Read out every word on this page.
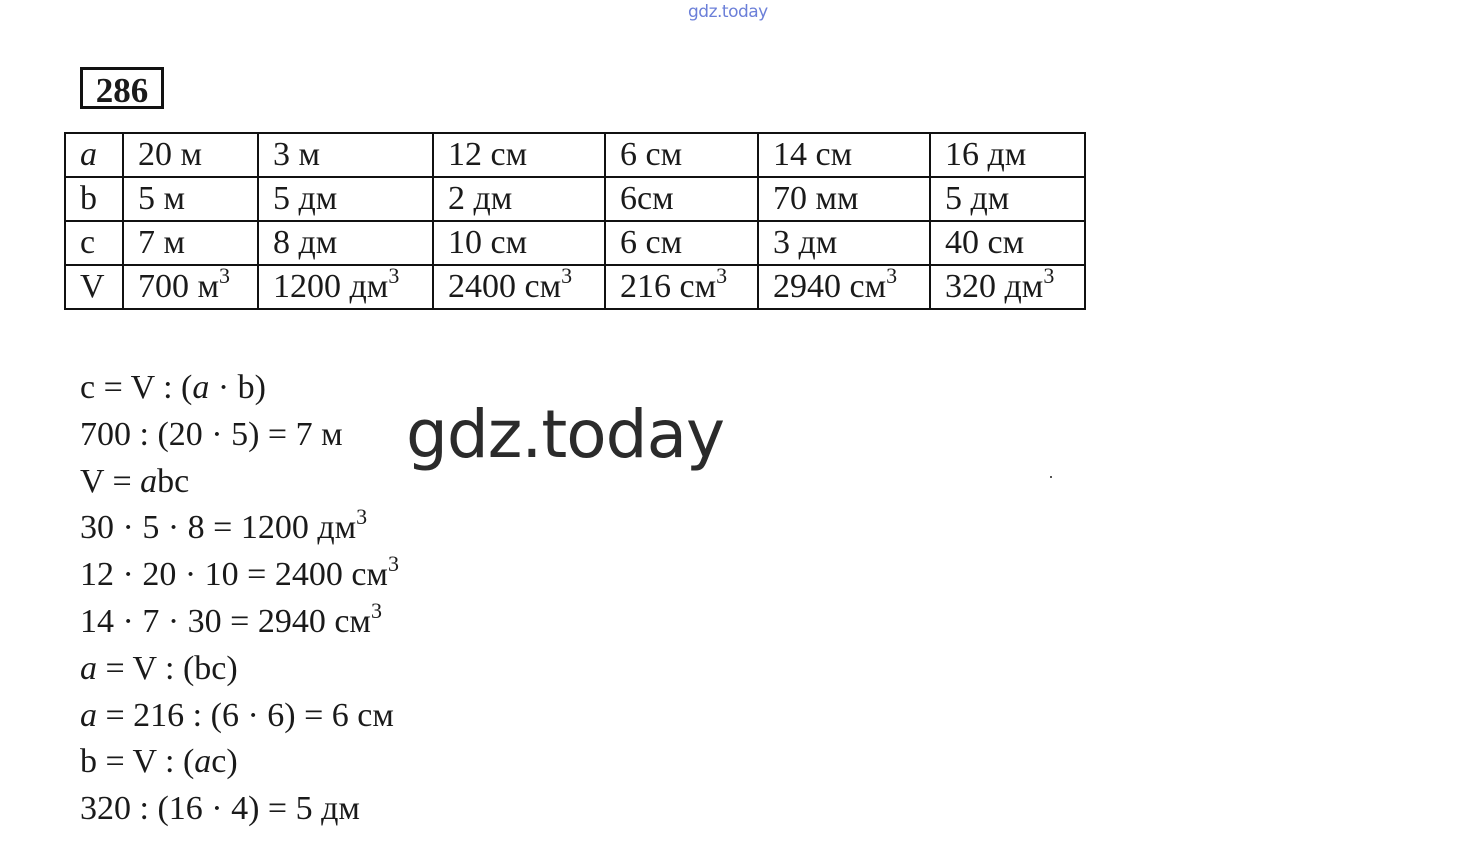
gdz.today
286
a	20 м	3 м	12 см	6 см	14 см	16 дм
b	5 м	5 дм	2 дм	6см	70 мм	5 дм
c	7 м	8 дм	10 см	6 см	3 дм	40 см
V	700 $м^3$	1200 $дм^3$	2400 $см^3$	216 $см^3$	2940 $см^3$	320 $дм^3$
c = V : (a · b)
700 : (20 · 5) = 7 м
V = abc
30 · 5 · 8 = 1200 $дм^3$
12 · 20 · 10 = 2400 $см^3$
14 · 7 · 30 = 2940 $см^3$
a = V : (bc)
a = 216 : (6 · 6) = 6 см
b = V : (ac)
320 : (16 · 4) = 5 дм
gdz.today
